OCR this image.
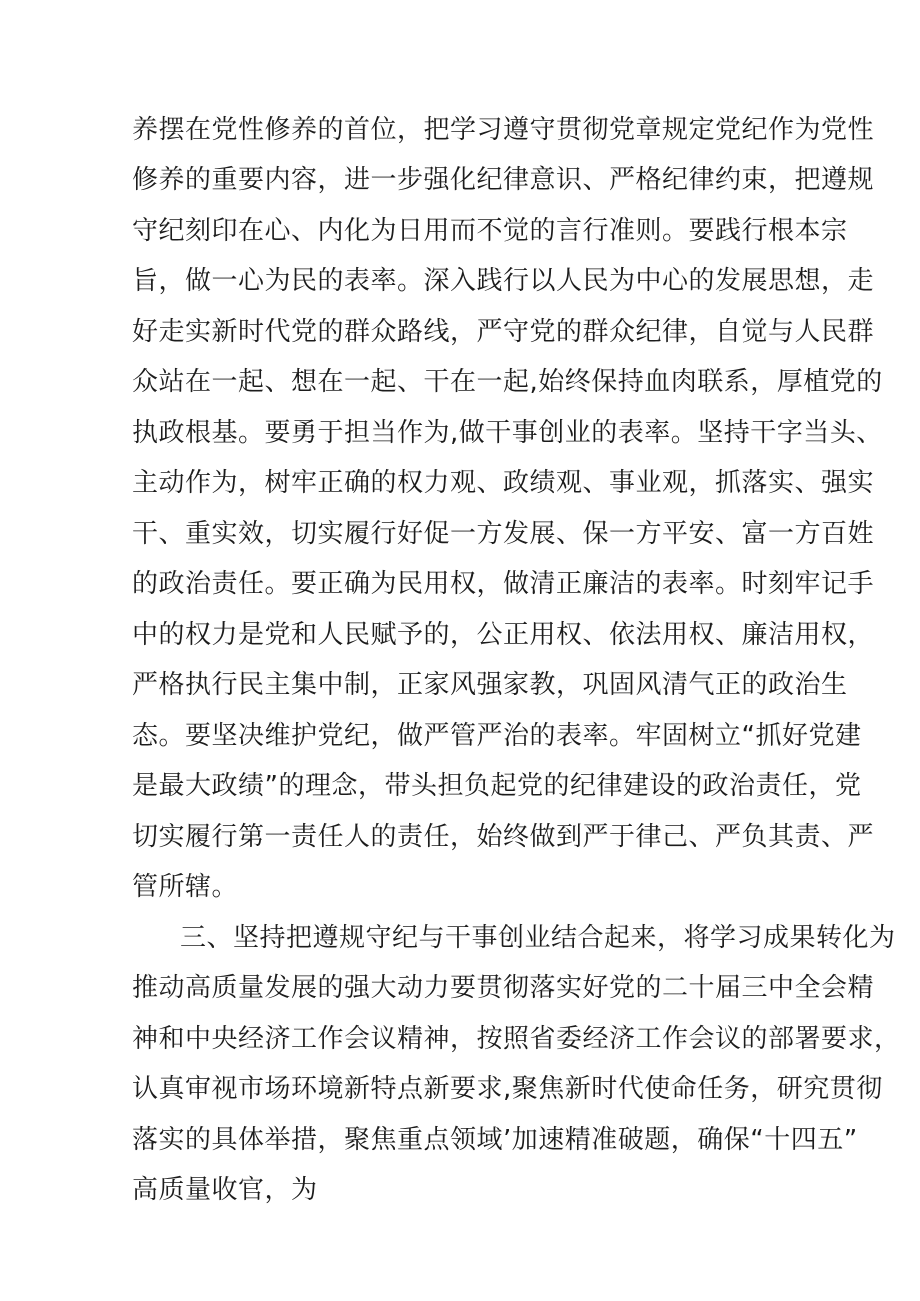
养摆在党性修养的首位，把学习遵守贯彻党章规定党纪作为党性
修养的重要内容，进一步强化纪律意识、严格纪律约束，把遵规
守纪刻印在心、内化为日用而不觉的言行准则。要践行根本宗
旨，做一心为民的表率。深入践行以人民为中心的发展思想，走
好走实新时代党的群众路线，严守党的群众纪律，自觉与人民群
众站在一起、想在一起、干在一起,始终保持血肉联系，厚植党的
执政根基。要勇于担当作为,做干事创业的表率。坚持干字当头、
主动作为，树牢正确的权力观、政绩观、事业观，抓落实、强实
干、重实效，切实履行好促一方发展、保一方平安、富一方百姓
的政治责任。要正确为民用权，做清正廉洁的表率。时刻牢记手
中的权力是党和人民赋予的，公正用权、依法用权、廉洁用权，
严格执行民主集中制，正家风强家教，巩固风清气正的政治生
态。要坚决维护党纪，做严管严治的表率。牢固树立“抓好党建
是最大政绩”的理念，带头担负起党的纪律建设的政治责任，党
切实履行第一责任人的责任，始终做到严于律己、严负其责、严
管所辖。
三、坚持把遵规守纪与干事创业结合起来，将学习成果转化为
推动高质量发展的强大动力要贯彻落实好党的二十届三中全会精
神和中央经济工作会议精神，按照省委经济工作会议的部署要求，
认真审视市场环境新特点新要求,聚焦新时代使命任务，研究贯彻
落实的具体举措，聚焦重点领域’加速精准破题，确保“十四五”
高质量收官，为
